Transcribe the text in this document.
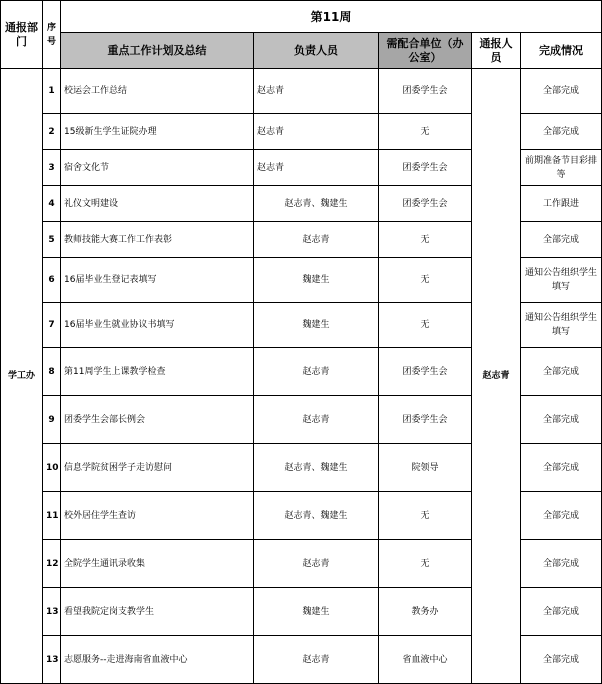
通报部门	序号	第11周				
		重点工作计划及总结	负责人员	需配合单位（办公室）	通报人员	完成情况
学工办	1	校运会工作总结	赵志青	团委学生会	赵志青	全部完成
	2	15级新生学生证院办理	赵志青	无		全部完成
	3	宿舍文化节	赵志青	团委学生会		前期准备节目彩排等
	4	礼仪文明建设	赵志青、魏建生	团委学生会		工作跟进
	5	教师技能大赛工作工作表彰	赵志青	无		全部完成
	6	16届毕业生登记表填写	魏建生	无		通知公告组织学生填写
	7	16届毕业生就业协议书填写	魏建生	无		通知公告组织学生填写
	8	第11周学生上课教学检查	赵志青	团委学生会		全部完成
	9	团委学生会部长例会	赵志青	团委学生会		全部完成
	10	信息学院贫困学子走访慰问	赵志青、魏建生	院领导		全部完成
	11	校外居住学生查访	赵志青、魏建生	无		全部完成
	12	全院学生通讯录收集	赵志青	无		全部完成
	13	看望我院定岗支教学生	魏建生	教务办		全部完成
	13	志愿服务--走进海南省血液中心	赵志青	省血液中心		全部完成
